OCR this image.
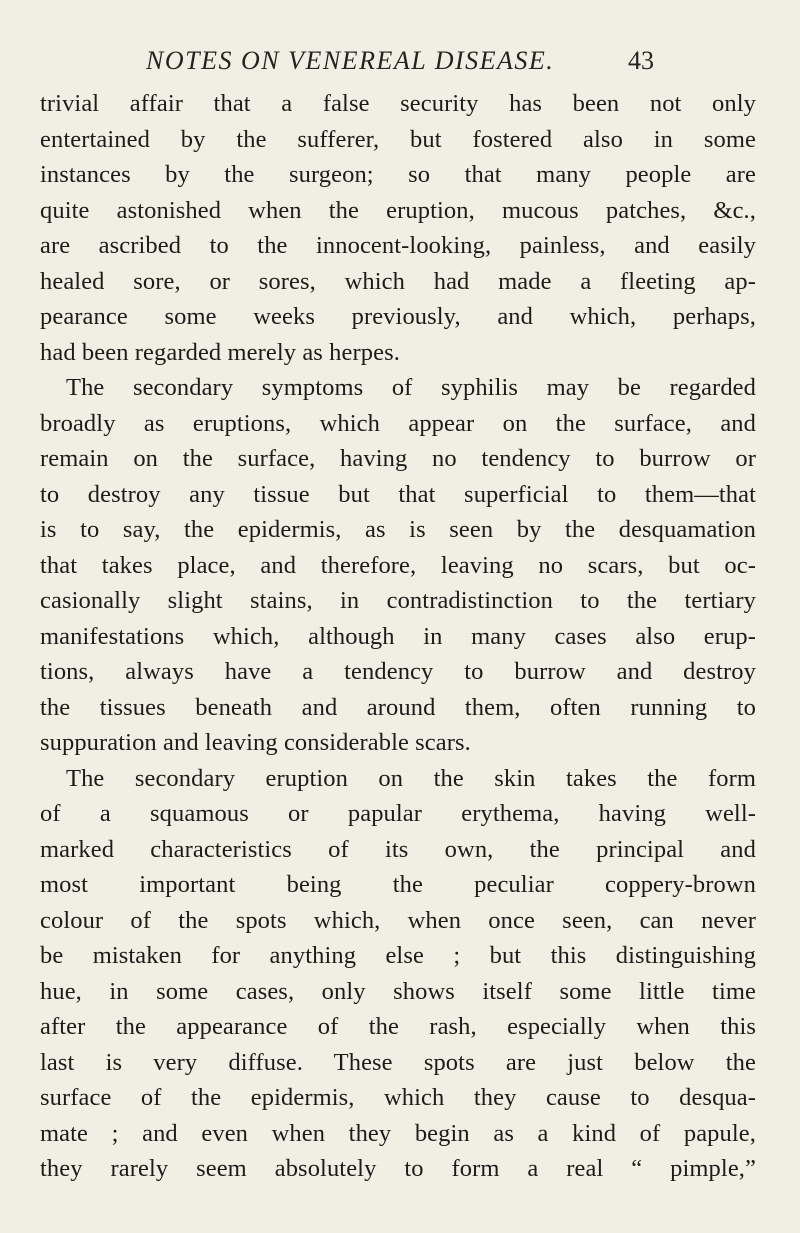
NOTES ON VENEREAL DISEASE.	43
trivial affair that a false security has been not only
entertained by the sufferer, but fostered also in some
instances by the surgeon; so that many people are
quite astonished when the eruption, mucous patches, &c.,
are ascribed to the innocent-looking, painless, and easily
healed sore, or sores, which had made a fleeting ap-
pearance some weeks previously, and which, perhaps,
had been regarded merely as herpes.
The secondary symptoms of syphilis may be regarded
broadly as eruptions, which appear on the surface, and
remain on the surface, having no tendency to burrow or
to destroy any tissue but that superficial to them—that
is to say, the epidermis, as is seen by the desquamation
that takes place, and therefore, leaving no scars, but oc-
casionally slight stains, in contradistinction to the tertiary
manifestations which, although in many cases also erup-
tions, always have a tendency to burrow and destroy
the tissues beneath and around them, often running to
suppuration and leaving considerable scars.
The secondary eruption on the skin takes the form
of a squamous or papular erythema, having well-
marked characteristics of its own, the principal and
most important being the peculiar coppery-brown
colour of the spots which, when once seen, can never
be mistaken for anything else ; but this distinguishing
hue, in some cases, only shows itself some little time
after the appearance of the rash, especially when this
last is very diffuse. These spots are just below the
surface of the epidermis, which they cause to desqua-
mate ; and even when they begin as a kind of papule,
they rarely seem absolutely to form a real “ pimple,”
